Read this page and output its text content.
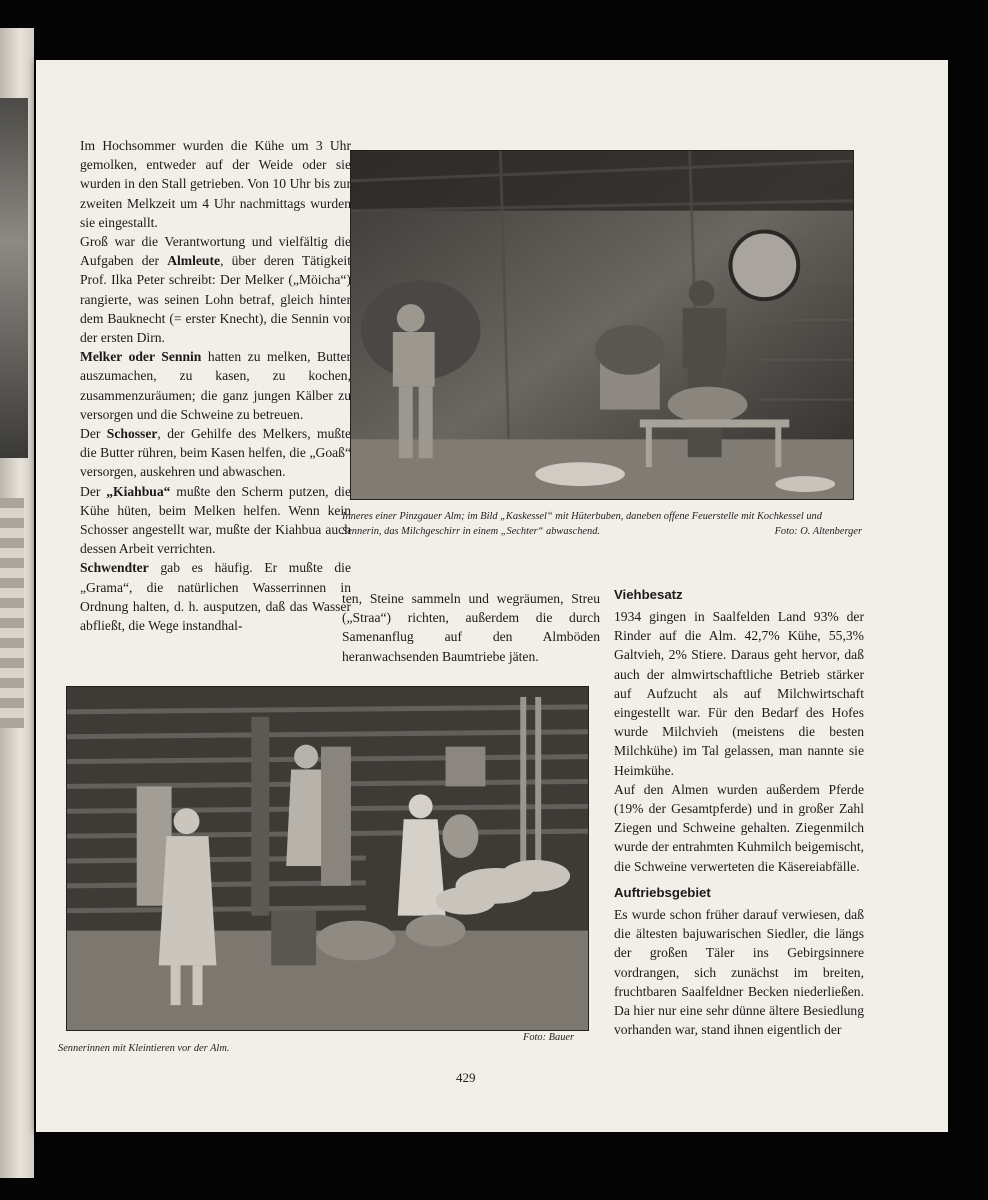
Im Hochsommer wurden die Kühe um 3 Uhr gemolken, entweder auf der Weide oder sie wurden in den Stall getrieben. Von 10 Uhr bis zur zweiten Melkzeit um 4 Uhr nachmittags wurden sie eingestallt.

Groß war die Verantwortung und vielfältig die Aufgaben der Almleute, über deren Tätigkeit Prof. Ilka Peter schreibt: Der Melker („Möicha“) rangierte, was seinen Lohn betraf, gleich hinter dem Bauknecht (= erster Knecht), die Sennin vor der ersten Dirn.

Melker oder Sennin hatten zu melken, Butter auszumachen, zu kasen, zu kochen, zusammenzuräumen; die ganz jungen Kälber zu versorgen und die Schweine zu betreuen.

Der Schosser, der Gehilfe des Melkers, mußte die Butter rühren, beim Kasen helfen, die „Goaß“ versorgen, auskehren und abwaschen.

Der „Kiahbua“ mußte den Scherm putzen, die Kühe hüten, beim Melken helfen. Wenn kein Schosser angestellt war, mußte der Kiahbua auch dessen Arbeit verrichten.

Schwendter gab es häufig. Er mußte die „Grama“, die natürlichen Wasserrinnen in Ordnung halten, d. h. ausputzen, daß das Wasser abfließt, die Wege instandhal-

Inneres einer Pinzgauer Alm; im Bild „Kaskessel“ mit Hüterbuben, daneben offene Feuerstelle mit Kochkessel und Sennerin, das Milchgeschirr in einem „Sechter“ abwaschend.	Foto: O. Altenberger

ten, Steine sammeln und wegräumen, Streu („Straa“) richten, außerdem die durch Samenanflug auf den Almböden heranwachsenden Baumtriebe jäten.

Viehbesatz

1934 gingen in Saalfelden Land 93% der Rinder auf die Alm. 42,7% Kühe, 55,3% Galtvieh, 2% Stiere. Daraus geht hervor, daß auch der almwirtschaftliche Betrieb stärker auf Aufzucht als auf Milchwirtschaft eingestellt war. Für den Bedarf des Hofes wurde Milchvieh (meistens die besten Milchkühe) im Tal gelassen, man nannte sie Heimkühe.

Auf den Almen wurden außerdem Pferde (19% der Gesamtpferde) und in großer Zahl Ziegen und Schweine gehalten. Ziegenmilch wurde der entrahmten Kuhmilch beigemischt, die Schweine verwerteten die Käsereiabfälle.

Auftriebsgebiet

Es wurde schon früher darauf verwiesen, daß die ältesten bajuwarischen Siedler, die längs der großen Täler ins Gebirgsinnere vordrangen, sich zunächst im breiten, fruchtbaren Saalfeldner Becken niederließen. Da hier nur eine sehr dünne ältere Besiedlung vorhanden war, stand ihnen eigentlich der

Foto: Bauer

Sennerinnen mit Kleintieren vor der Alm.

429
